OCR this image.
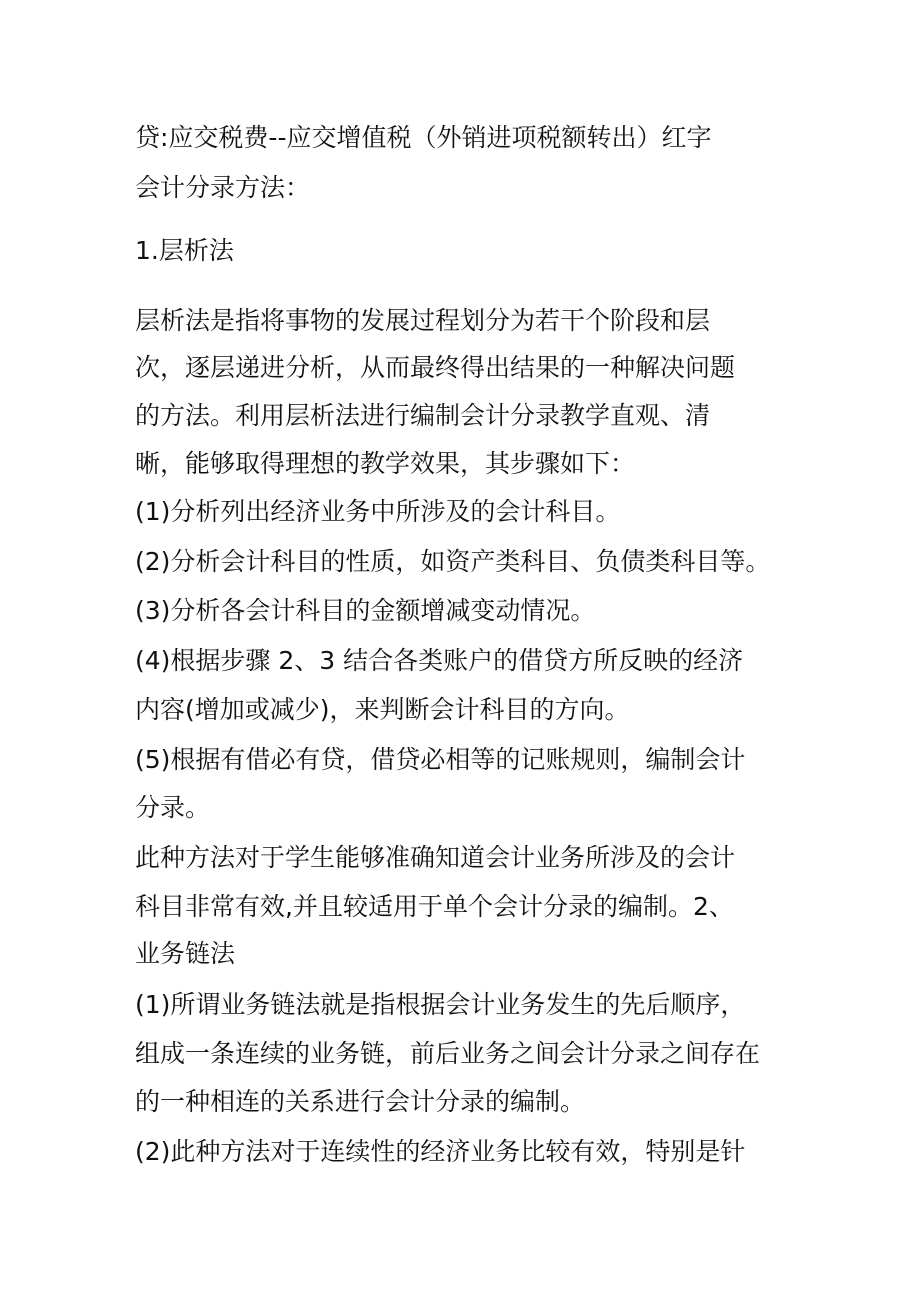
贷:应交税费--应交增值税（外销进项税额转出）红字
会计分录方法：
1.层析法
层析法是指将事物的发展过程划分为若干个阶段和层
次，逐层递进分析，从而最终得出结果的一种解决问题
的方法。利用层析法进行编制会计分录教学直观、清
晰，能够取得理想的教学效果，其步骤如下：
(1)分析列出经济业务中所涉及的会计科目。
(2)分析会计科目的性质，如资产类科目、负债类科目等。
(3)分析各会计科目的金额增减变动情况。
(4)根据步骤 2、3 结合各类账户的借贷方所反映的经济
内容(增加或减少)，来判断会计科目的方向。
(5)根据有借必有贷，借贷必相等的记账规则，编制会计
分录。
此种方法对于学生能够准确知道会计业务所涉及的会计
科目非常有效,并且较适用于单个会计分录的编制。2、
业务链法
(1)所谓业务链法就是指根据会计业务发生的先后顺序，
组成一条连续的业务链，前后业务之间会计分录之间存在
的一种相连的关系进行会计分录的编制。
(2)此种方法对于连续性的经济业务比较有效，特别是针
